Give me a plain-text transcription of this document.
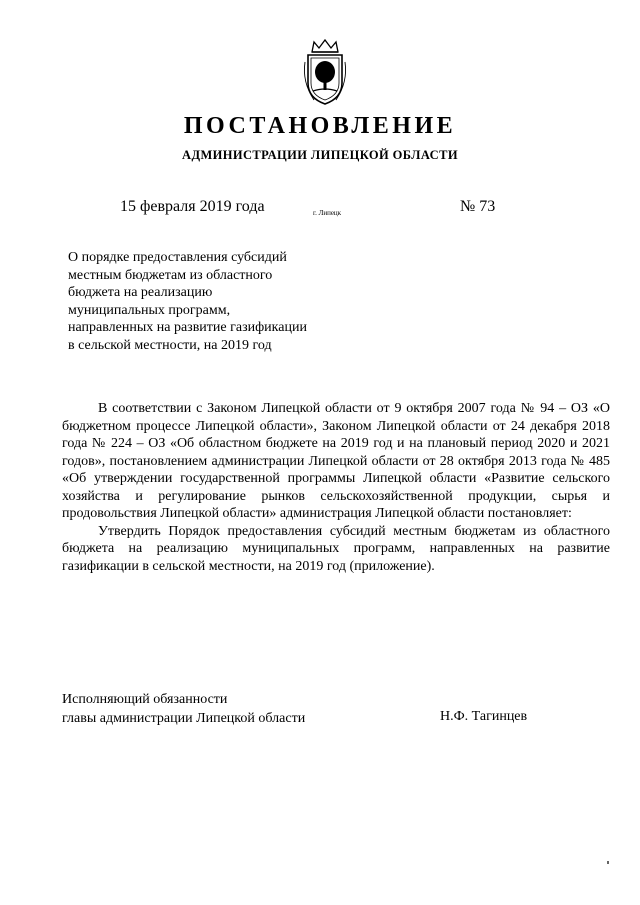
ПОСТАНОВЛЕНИЕ
АДМИНИСТРАЦИИ ЛИПЕЦКОЙ ОБЛАСТИ
15 февраля 2019 года	г. Липецк	№ 73
О порядке предоставления субсидий
местным бюджетам из областного
бюджета на реализацию
муниципальных программ,
направленных на развитие газификации
в сельской местности, на 2019 год

В соответствии с Законом Липецкой области от 9 октября 2007 года № 94 – ОЗ «О бюджетном процессе Липецкой области», Законом Липецкой области от 24 декабря 2018 года № 224 – ОЗ «Об областном бюджете на 2019 год и на плановый период 2020 и 2021 годов», постановлением администрации Липецкой области от 28 октября 2013 года № 485 «Об утверждении государственной программы Липецкой области «Развитие сельского хозяйства и регулирование рынков сельскохозяйственной продукции, сырья и продовольствия Липецкой области» администрация Липецкой области постановляет:

Утвердить Порядок предоставления субсидий местным бюджетам из областного бюджета на реализацию муниципальных программ, направленных на развитие газификации в сельской местности, на 2019 год (приложение).

Исполняющий обязанности
главы администрации Липецкой области	Н.Ф. Тагинцев
